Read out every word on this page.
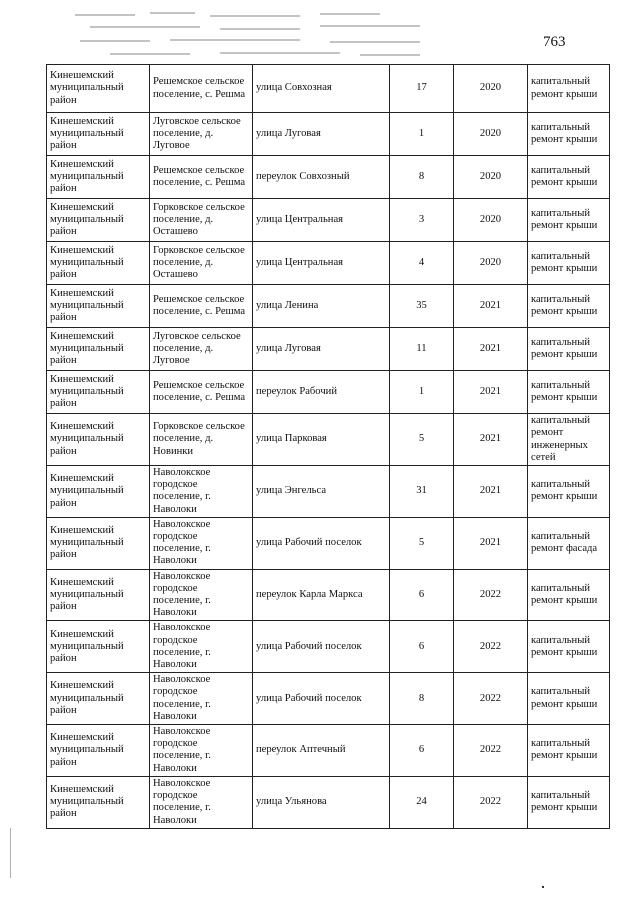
763
Кинешемский муниципальный район	Решемское сельское поселение, с. Решма	улица Совхозная	17	2020	капитальный ремонт крыши
Кинешемский муниципальный район	Луговское сельское поселение, д. Луговое	улица Луговая	1	2020	капитальный ремонт крыши
Кинешемский муниципальный район	Решемское сельское поселение, с. Решма	переулок Совхозный	8	2020	капитальный ремонт крыши
Кинешемский муниципальный район	Горковское сельское поселение, д. Осташево	улица Центральная	3	2020	капитальный ремонт крыши
Кинешемский муниципальный район	Горковское сельское поселение, д. Осташево	улица Центральная	4	2020	капитальный ремонт крыши
Кинешемский муниципальный район	Решемское сельское поселение, с. Решма	улица Ленина	35	2021	капитальный ремонт крыши
Кинешемский муниципальный район	Луговское сельское поселение, д. Луговое	улица Луговая	11	2021	капитальный ремонт крыши
Кинешемский муниципальный район	Решемское сельское поселение, с. Решма	переулок Рабочий	1	2021	капитальный ремонт крыши
Кинешемский муниципальный район	Горковское сельское поселение, д. Новинки	улица Парковая	5	2021	капитальный ремонт инженерных сетей
Кинешемский муниципальный район	Наволокское городское поселение, г. Наволоки	улица Энгельса	31	2021	капитальный ремонт крыши
Кинешемский муниципальный район	Наволокское городское поселение, г. Наволоки	улица Рабочий поселок	5	2021	капитальный ремонт фасада
Кинешемский муниципальный район	Наволокское городское поселение, г. Наволоки	переулок Карла Маркса	6	2022	капитальный ремонт крыши
Кинешемский муниципальный район	Наволокское городское поселение, г. Наволоки	улица Рабочий поселок	6	2022	капитальный ремонт крыши
Кинешемский муниципальный район	Наволокское городское поселение, г. Наволоки	улица Рабочий поселок	8	2022	капитальный ремонт крыши
Кинешемский муниципальный район	Наволокское городское поселение, г. Наволоки	переулок Аптечный	6	2022	капитальный ремонт крыши
Кинешемский муниципальный район	Наволокское городское поселение, г. Наволоки	улица Ульянова	24	2022	капитальный ремонт крыши
